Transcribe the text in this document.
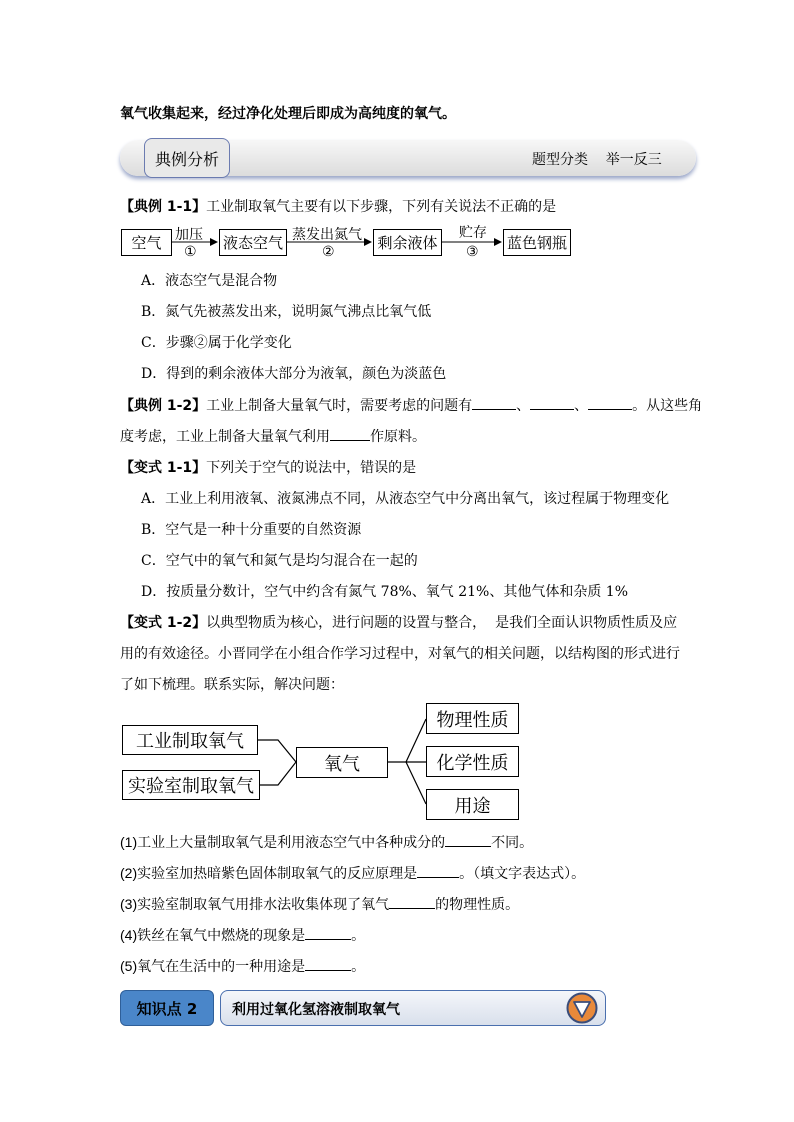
氧气收集起来，经过净化处理后即成为高纯度的氧气。
典例分析	题型分类    举一反三
【典例 1-1】工业制取氧气主要有以下步骤，下列有关说法不正确的是
空气	液态空气	剩余液体	蓝色钢瓶
加压
①
蒸发出氮气
②
贮存
③
A．液态空气是混合物
B．氮气先被蒸发出来，说明氮气沸点比氧气低
C．步骤②属于化学变化
D．得到的剩余液体大部分为液氧，颜色为淡蓝色
【典例 1-2】工业上制备大量氧气时，需要考虑的问题有	、	、	。从这些角
度考虑，工业上制备大量氧气利用	作原料。
【变式 1-1】下列关于空气的说法中，错误的是
A．工业上利用液氧、液氮沸点不同，从液态空气中分离出氧气，该过程属于物理变化
B．空气是一种十分重要的自然资源
C．空气中的氧气和氮气是均匀混合在一起的
D．按质量分数计，空气中约含有氮气 78%、氧气 21%、其他气体和杂质 1%
【变式 1-2】以典型物质为核心，进行问题的设置与整合，  是我们全面认识物质性质及应
用的有效途径。小晋同学在小组合作学习过程中，对氧气的相关问题，以结构图的形式进行
了如下梳理。联系实际，解决问题：
工业制取氧气
实验室制取氧气
氧气
物理性质
化学性质
用途
(1)工业上大量制取氧气是利用液态空气中各种成分的	不同。
(2)实验室加热暗紫色固体制取氧气的反应原理是	。（填文字表达式）。
(3)实验室制取氧气用排水法收集体现了氧气	的物理性质。
(4)铁丝在氧气中燃烧的现象是	。
(5)氧气在生活中的一种用途是	。
知识点 2	利用过氧化氢溶液制取氧气
